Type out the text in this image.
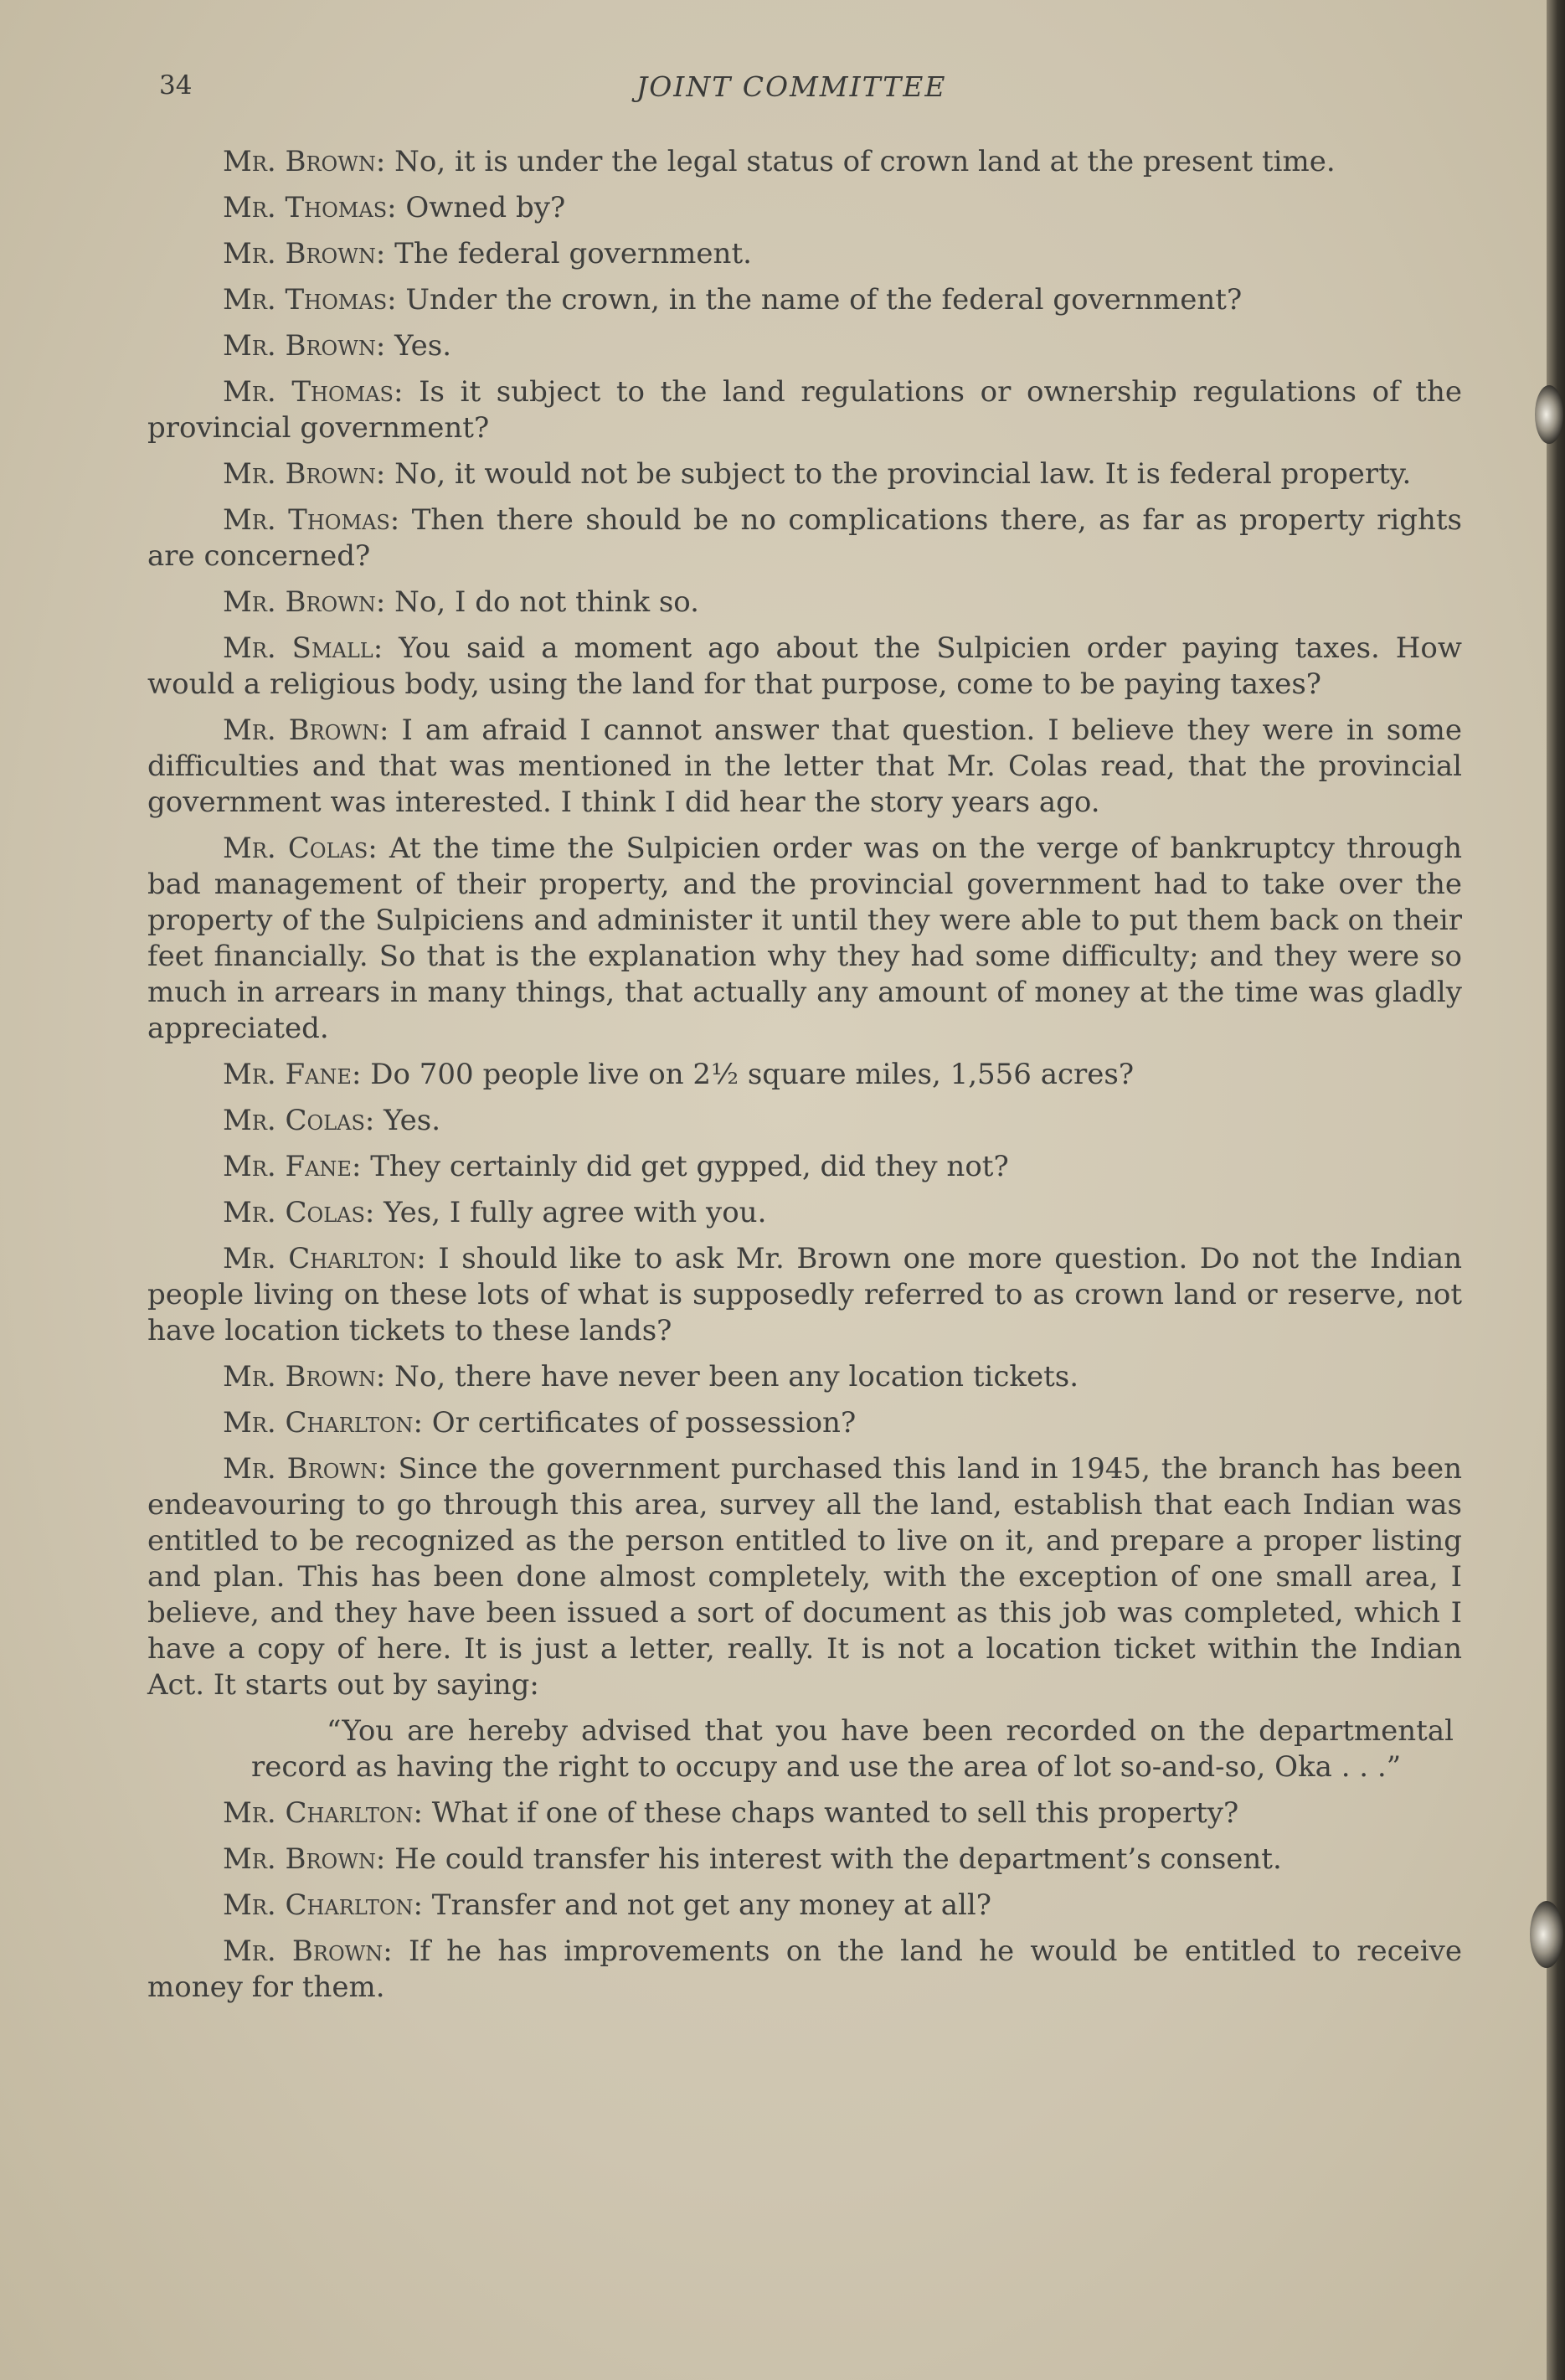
34	JOINT COMMITTEE

Mr. Brown: No, it is under the legal status of crown land at the present time.

Mr. Thomas: Owned by?

Mr. Brown: The federal government.

Mr. Thomas: Under the crown, in the name of the federal government?

Mr. Brown: Yes.

Mr. Thomas: Is it subject to the land regulations or ownership regulations of the provincial government?

Mr. Brown: No, it would not be subject to the provincial law. It is federal property.

Mr. Thomas: Then there should be no complications there, as far as property rights are concerned?

Mr. Brown: No, I do not think so.

Mr. Small: You said a moment ago about the Sulpicien order paying taxes. How would a religious body, using the land for that purpose, come to be paying taxes?

Mr. Brown: I am afraid I cannot answer that question. I believe they were in some difficulties and that was mentioned in the letter that Mr. Colas read, that the provincial government was interested. I think I did hear the story years ago.

Mr. Colas: At the time the Sulpicien order was on the verge of bankruptcy through bad management of their property, and the provincial government had to take over the property of the Sulpiciens and administer it until they were able to put them back on their feet financially. So that is the explanation why they had some difficulty; and they were so much in arrears in many things, that actually any amount of money at the time was gladly appreciated.

Mr. Fane: Do 700 people live on 2½ square miles, 1,556 acres?

Mr. Colas: Yes.

Mr. Fane: They certainly did get gypped, did they not?

Mr. Colas: Yes, I fully agree with you.

Mr. Charlton: I should like to ask Mr. Brown one more question. Do not the Indian people living on these lots of what is supposedly referred to as crown land or reserve, not have location tickets to these lands?

Mr. Brown: No, there have never been any location tickets.

Mr. Charlton: Or certificates of possession?

Mr. Brown: Since the government purchased this land in 1945, the branch has been endeavouring to go through this area, survey all the land, establish that each Indian was entitled to be recognized as the person entitled to live on it, and prepare a proper listing and plan. This has been done almost completely, with the exception of one small area, I believe, and they have been issued a sort of document as this job was completed, which I have a copy of here. It is just a letter, really. It is not a location ticket within the Indian Act. It starts out by saying:

“You are hereby advised that you have been recorded on the departmental record as having the right to occupy and use the area of lot so-and-so, Oka . . .”

Mr. Charlton: What if one of these chaps wanted to sell this property?

Mr. Brown: He could transfer his interest with the department’s consent.

Mr. Charlton: Transfer and not get any money at all?

Mr. Brown: If he has improvements on the land he would be entitled to receive money for them.
